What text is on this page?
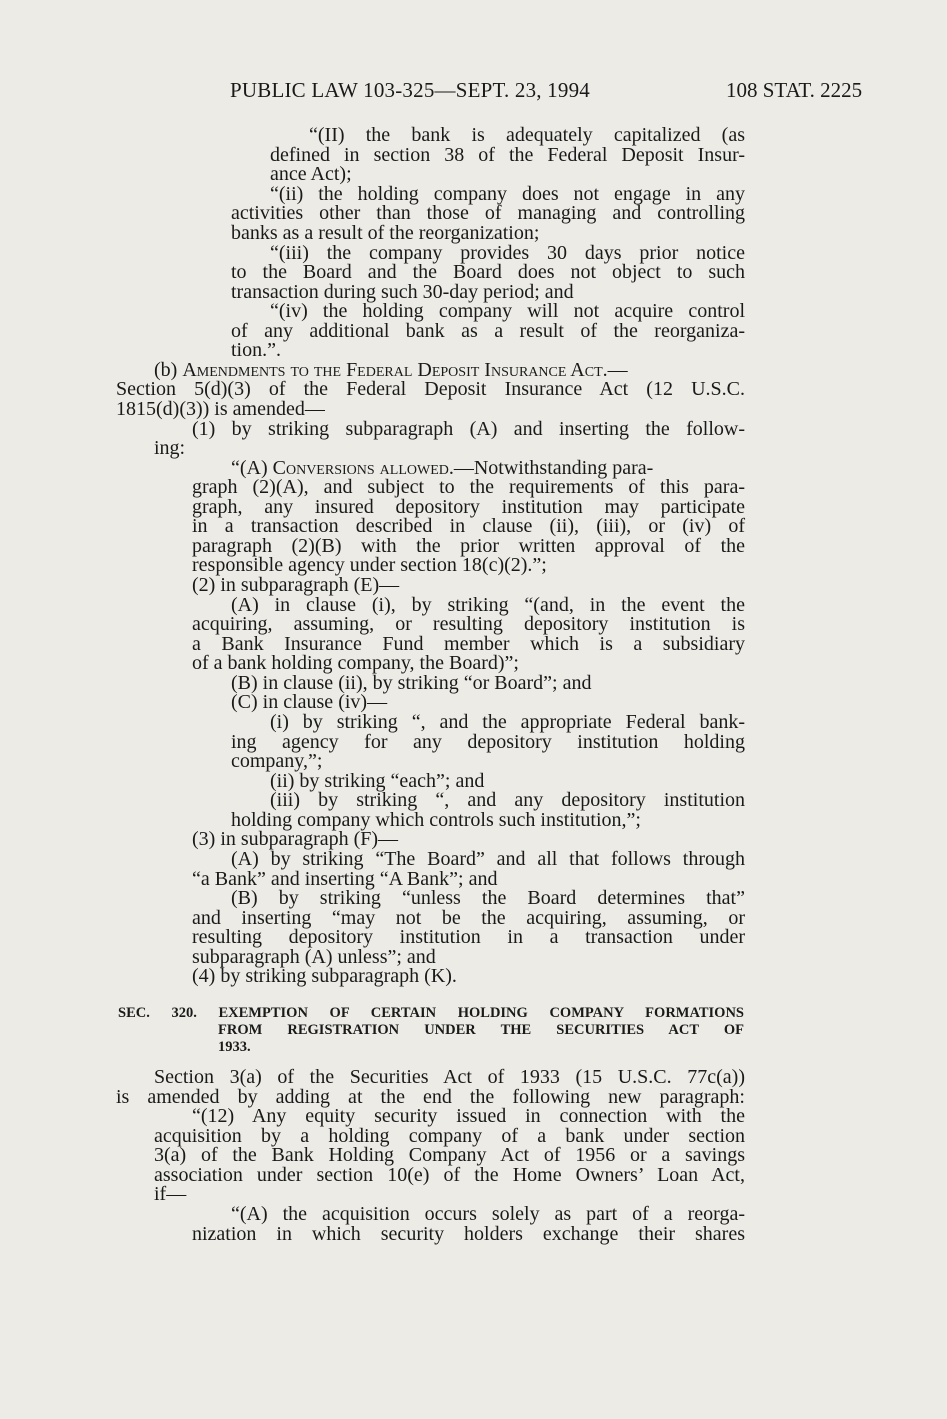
PUBLIC LAW 103-325—SEPT. 23, 1994	108 STAT. 2225
“(II) the bank is adequately capitalized (as
defined in section 38 of the Federal Deposit Insur-
ance Act);
“(ii) the holding company does not engage in any
activities other than those of managing and controlling
banks as a result of the reorganization;
“(iii) the company provides 30 days prior notice
to the Board and the Board does not object to such
transaction during such 30-day period; and
“(iv) the holding company will not acquire control
of any additional bank as a result of the reorganiza-
tion.”.
(b) Amendments to the Federal Deposit Insurance Act.—
Section 5(d)(3) of the Federal Deposit Insurance Act (12 U.S.C.
1815(d)(3)) is amended—
(1) by striking subparagraph (A) and inserting the follow-
ing:
“(A) Conversions allowed.—Notwithstanding para-
graph (2)(A), and subject to the requirements of this para-
graph, any insured depository institution may participate
in a transaction described in clause (ii), (iii), or (iv) of
paragraph (2)(B) with the prior written approval of the
responsible agency under section 18(c)(2).”;
(2) in subparagraph (E)—
(A) in clause (i), by striking “(and, in the event the
acquiring, assuming, or resulting depository institution is
a Bank Insurance Fund member which is a subsidiary
of a bank holding company, the Board)”;
(B) in clause (ii), by striking “or Board”; and
(C) in clause (iv)—
(i) by striking “, and the appropriate Federal bank-
ing agency for any depository institution holding
company,”;
(ii) by striking “each”; and
(iii) by striking “, and any depository institution
holding company which controls such institution,”;
(3) in subparagraph (F)—
(A) by striking “The Board” and all that follows through
“a Bank” and inserting “A Bank”; and
(B) by striking “unless the Board determines that”
and inserting “may not be the acquiring, assuming, or
resulting depository institution in a transaction under
subparagraph (A) unless”; and
(4) by striking subparagraph (K).
SEC. 320. EXEMPTION OF CERTAIN HOLDING COMPANY FORMATIONS
FROM REGISTRATION UNDER THE SECURITIES ACT OF
1933.
Section 3(a) of the Securities Act of 1933 (15 U.S.C. 77c(a))
is amended by adding at the end the following new paragraph:
“(12) Any equity security issued in connection with the
acquisition by a holding company of a bank under section
3(a) of the Bank Holding Company Act of 1956 or a savings
association under section 10(e) of the Home Owners’ Loan Act,
if—
“(A) the acquisition occurs solely as part of a reorga-
nization in which security holders exchange their shares
